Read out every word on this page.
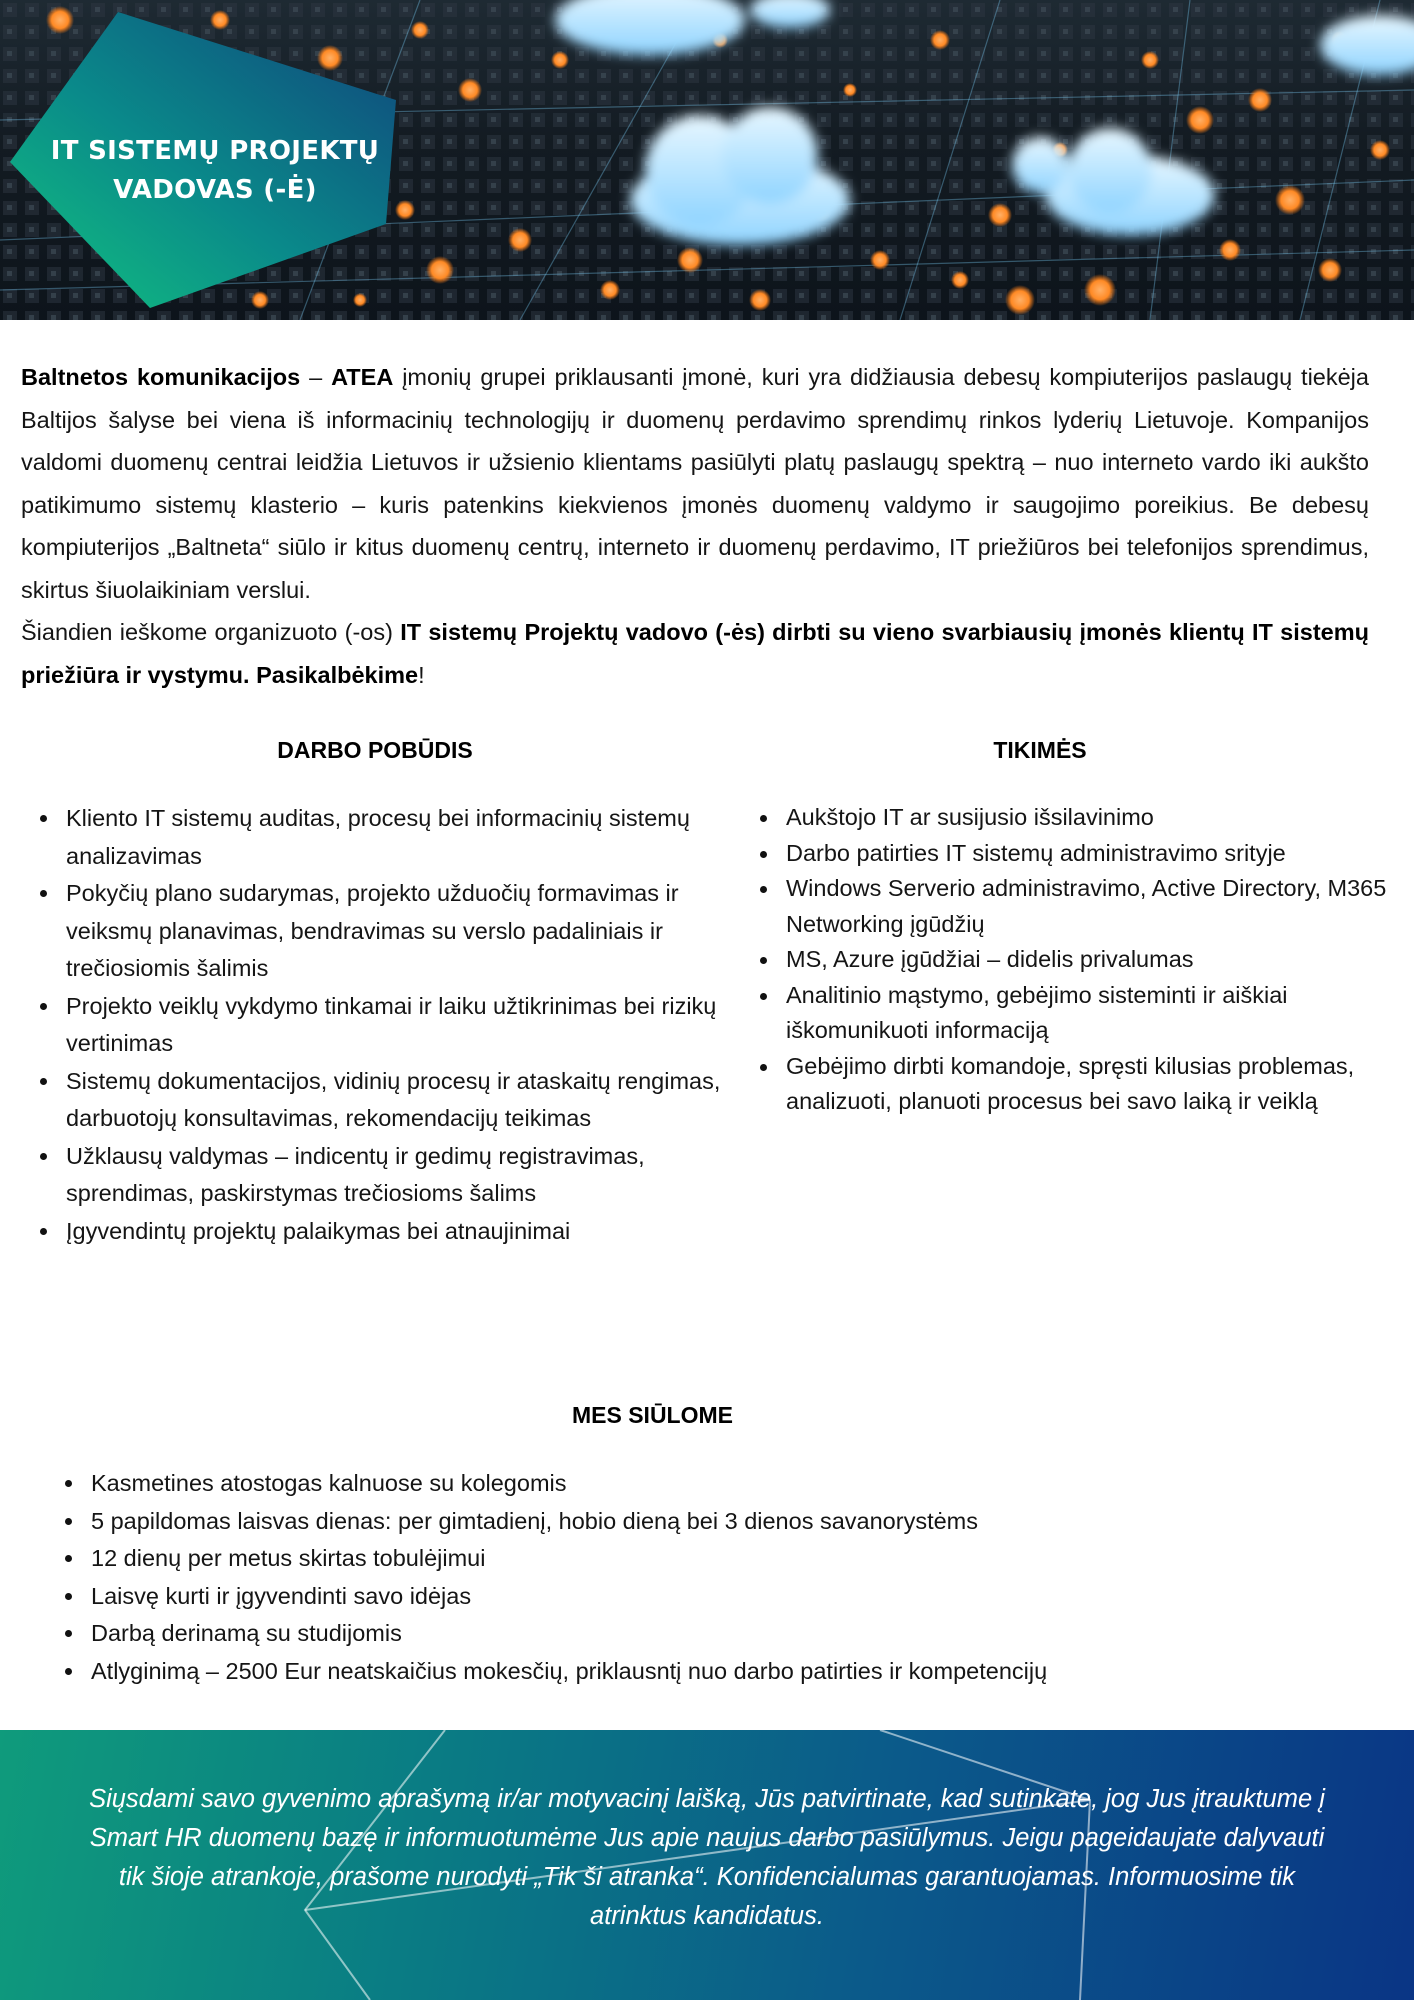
IT SISTEMŲ PROJEKTŲ
VADOVAS (-Ė)
Baltnetos komunikacijos – ATEA įmonių grupei priklausanti įmonė, kuri yra didžiausia debesų kompiuterijos paslaugų tiekėja Baltijos šalyse bei viena iš informacinių technologijų ir duomenų perdavimo sprendimų rinkos lyderių Lietuvoje. Kompanijos valdomi duomenų centrai leidžia Lietuvos ir užsienio klientams pasiūlyti platų paslaugų spektrą – nuo interneto vardo iki aukšto patikimumo sistemų klasterio – kuris patenkins kiekvienos įmonės duomenų valdymo ir saugojimo poreikius. Be debesų kompiuterijos „Baltneta“ siūlo ir kitus duomenų centrų, interneto ir duomenų perdavimo, IT priežiūros bei telefonijos sprendimus, skirtus šiuolaikiniam verslui.
Šiandien ieškome organizuoto (-os) IT sistemų Projektų vadovo (-ės) dirbti su vieno svarbiausių įmonės klientų IT sistemų priežiūra ir vystymu. Pasikalbėkime!
DARBO POBŪDIS
Kliento IT sistemų auditas, procesų bei informacinių sistemų analizavimas
Pokyčių plano sudarymas, projekto užduočių formavimas ir veiksmų planavimas, bendravimas su verslo padaliniais ir trečiosiomis šalimis
Projekto veiklų vykdymo tinkamai ir laiku užtikrinimas bei rizikų vertinimas
Sistemų dokumentacijos, vidinių procesų ir ataskaitų rengimas, darbuotojų konsultavimas, rekomendacijų teikimas
Užklausų valdymas – indicentų ir gedimų registravimas, sprendimas, paskirstymas trečiosioms šalims
Įgyvendintų projektų palaikymas bei atnaujinimai
TIKIMĖS
Aukštojo IT ar susijusio išsilavinimo
Darbo patirties IT sistemų administravimo srityje
Windows Serverio administravimo, Active Directory, M365 Networking įgūdžių
MS, Azure įgūdžiai – didelis privalumas
Analitinio mąstymo, gebėjimo sisteminti ir aiškiai iškomunikuoti informaciją
Gebėjimo dirbti komandoje, spręsti kilusias problemas, analizuoti, planuoti procesus bei savo laiką ir veiklą
MES SIŪLOME
Kasmetines atostogas kalnuose su kolegomis
5 papildomas laisvas dienas: per gimtadienį, hobio dieną bei 3 dienos savanorystėms
12 dienų per metus skirtas tobulėjimui
Laisvę kurti ir įgyvendinti savo idėjas
Darbą derinamą su studijomis
Atlyginimą – 2500 Eur neatskaičius mokesčių, priklausntį nuo darbo patirties ir kompetencijų
Siųsdami savo gyvenimo aprašymą ir/ar motyvacinį laišką, Jūs patvirtinate, kad sutinkate, jog Jus įtrauktume į Smart HR duomenų bazę ir informuotumėme Jus apie naujus darbo pasiūlymus. Jeigu pageidaujate dalyvauti tik šioje atrankoje, prašome nurodyti „Tik ši atranka“. Konfidencialumas garantuojamas. Informuosime tik atrinktus kandidatus.
